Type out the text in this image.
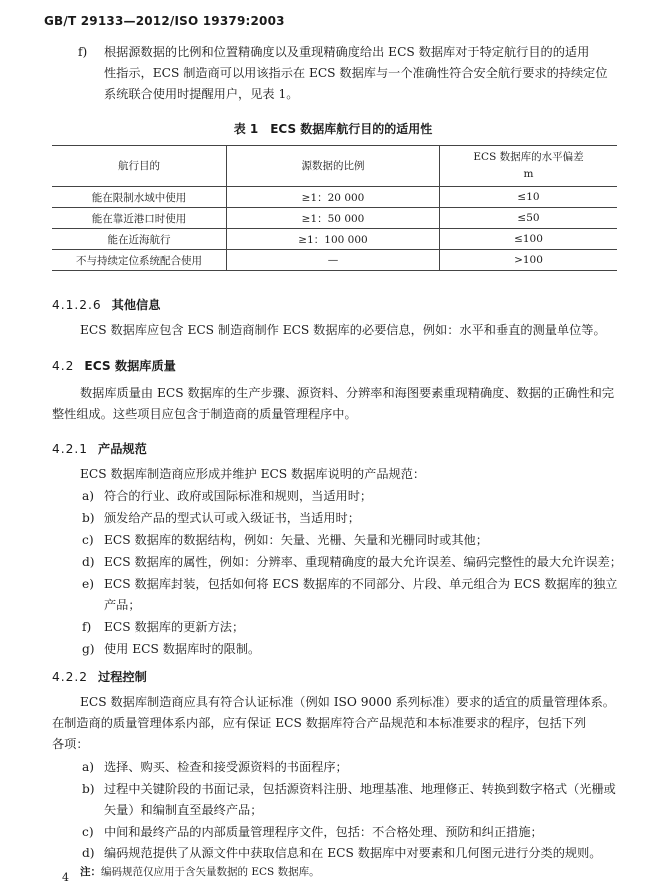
GB/T 29133—2012/ISO 19379:2003
f)	根据源数据的比例和位置精确度以及重现精确度给出 ECS 数据库对于特定航行目的的适用
性指示，ECS 制造商可以用该指示在 ECS 数据库与一个准确性符合安全航行要求的持续定位
系统联合使用时提醒用户，见表 1。
表 1　ECS 数据库航行目的的适用性
航行目的	源数据的比例	ECS 数据库的水平偏差
m

能在限制水域中使用	≥1：20 000	≤10
能在靠近港口时使用	≥1：50 000	≤50
能在近海航行	≥1：100 000	≤100
不与持续定位系统配合使用	—	>100
4.1.2.6 其他信息
ECS 数据库应包含 ECS 制造商制作 ECS 数据库的必要信息，例如：水平和垂直的测量单位等。
4.2 ECS 数据库质量
数据库质量由 ECS 数据库的生产步骤、源资料、分辨率和海图要素重现精确度、数据的正确性和完
整性组成。这些项目应包含于制造商的质量管理程序中。
4.2.1 产品规范
ECS 数据库制造商应形成并维护 ECS 数据库说明的产品规范：
a) 符合的行业、政府或国际标准和规则，当适用时；
b) 颁发给产品的型式认可或入级证书，当适用时；
c) ECS 数据库的数据结构，例如：矢量、光栅、矢量和光栅同时或其他；
d) ECS 数据库的属性，例如：分辨率、重现精确度的最大允许误差、编码完整性的最大允许误差；
e) ECS 数据库封装，包括如何将 ECS 数据库的不同部分、片段、单元组合为 ECS 数据库的独立
产品；
f)	ECS 数据库的更新方法；
g) 使用 ECS 数据库时的限制。
4.2.2 过程控制
ECS 数据库制造商应具有符合认证标准（例如 ISO 9000 系列标准）要求的适宜的质量管理体系。
在制造商的质量管理体系内部，应有保证 ECS 数据库符合产品规范和本标准要求的程序，包括下列
各项：
a) 选择、购买、检查和接受源资料的书面程序；
b) 过程中关键阶段的书面记录，包括源资料注册、地理基准、地理修正、转换到数字格式（光栅或
矢量）和编制直至最终产品；
c) 中间和最终产品的内部质量管理程序文件，包括：不合格处理、预防和纠正措施；
d) 编码规范提供了从源文件中获取信息和在 ECS 数据库中对要素和几何图元进行分类的规则。
注：编码规范仅应用于含矢量数据的 ECS 数据库。
4
